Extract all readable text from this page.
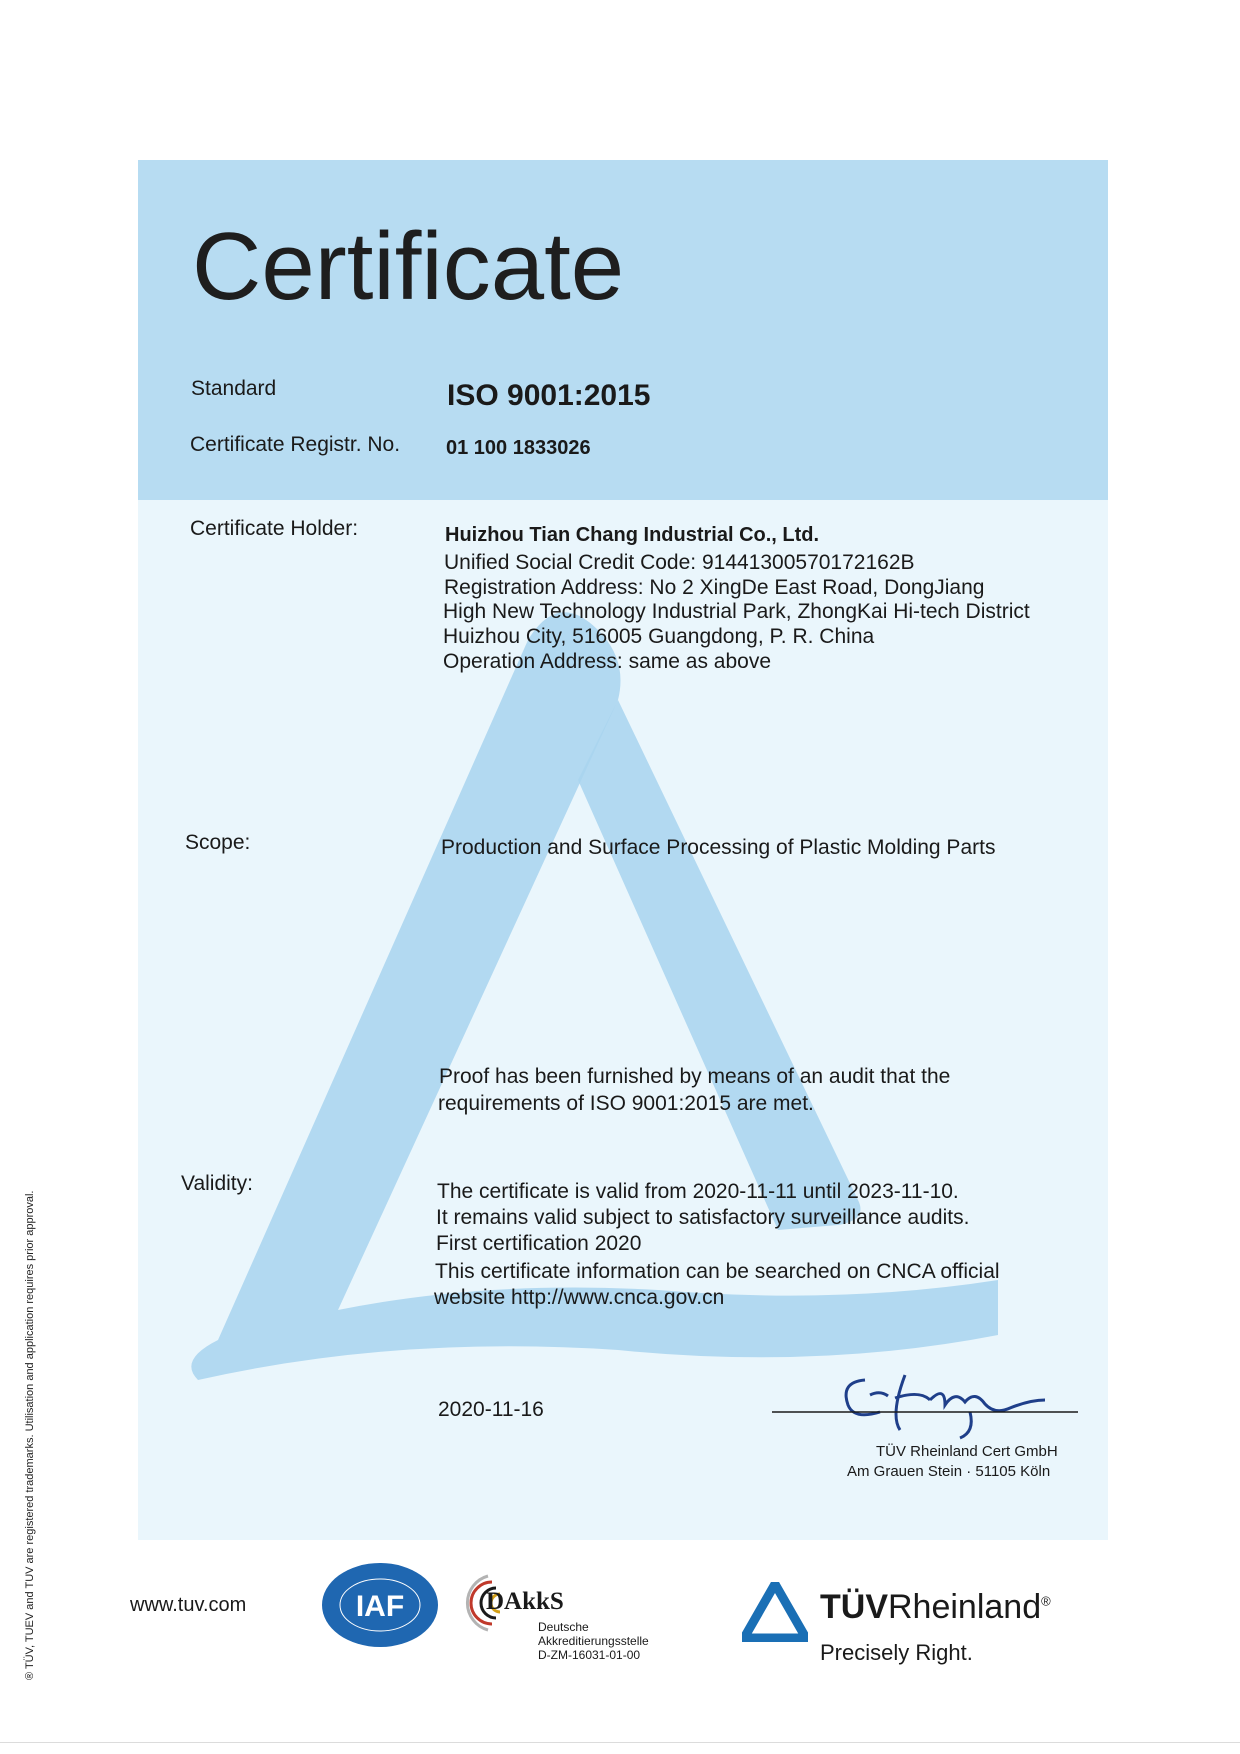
Certificate
Standard	ISO 9001:2015
Certificate Registr. No. 01 100 1833026
Certificate Holder:	Huizhou Tian Chang Industrial Co., Ltd.
Unified Social Credit Code: 91441300570172162B
Registration Address: No 2 XingDe East Road, DongJiang
High New Technology Industrial Park, ZhongKai Hi-tech District
Huizhou City, 516005 Guangdong, P. R. China
Operation Address: same as above
Scope:	Production and Surface Processing of Plastic Molding Parts
Proof has been furnished by means of an audit that the
requirements of ISO 9001:2015 are met.
Validity:	The certificate is valid from 2020-11-11 until 2023-11-10.
It remains valid subject to satisfactory surveillance audits.
First certification 2020
This certificate information can be searched on CNCA official
website http://www.cnca.gov.cn
2020-11-16
TÜV Rheinland Cert GmbH
Am Grauen Stein · 51105 Köln
www.tuv.com	IAF	DAkkS
Deutsche
Akkreditierungsstelle
D-ZM-16031-01-00
TÜVRheinland®
Precisely Right.
® TÜV, TUEV and TUV are registered trademarks. Utilisation and application requires prior approval.
